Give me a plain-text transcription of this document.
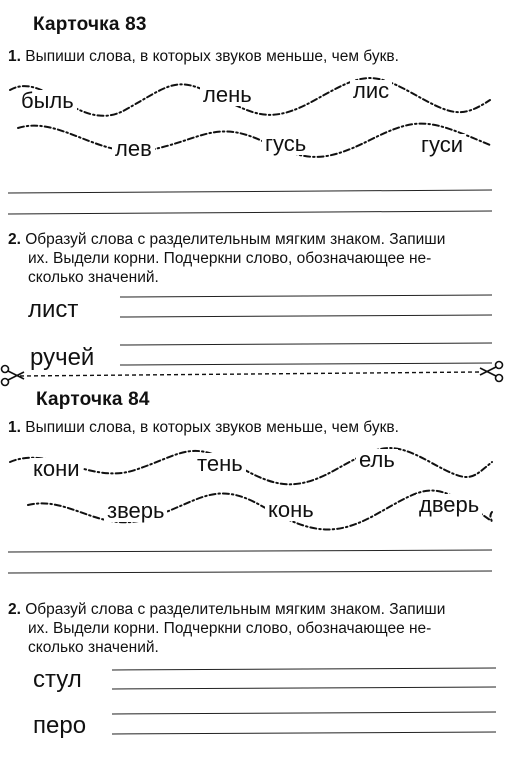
Карточка 83
1. Выпиши слова, в которых звуков меньше, чем букв.
быль	лень	лис
лев	гусь	гуси
2. Образуй слова с разделительным мягким знаком. Запиши
их. Выдели корни. Подчеркни слово, обозначающее не-
сколько значений.
лист
ручей
Карточка 84
1. Выпиши слова, в которых звуков меньше, чем букв.
кони	тень	ель
зверь	конь	дверь
2. Образуй слова с разделительным мягким знаком. Запиши
их. Выдели корни. Подчеркни слово, обозначающее не-
сколько значений.
стул
перо
